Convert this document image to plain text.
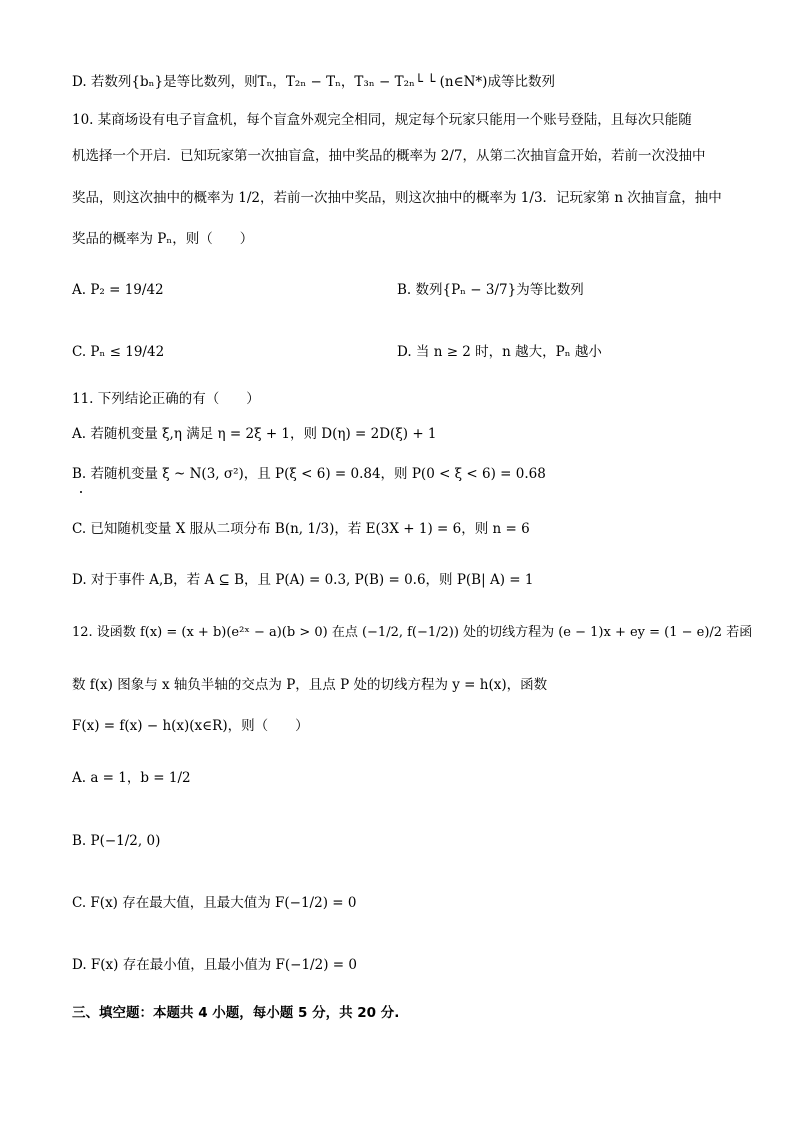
D. 若数列{bₙ}是等比数列，则Tₙ，T₂ₙ − Tₙ，T₃ₙ − T₂ₙ└ └ (n∈N*)成等比数列
10. 某商场设有电子盲盒机，每个盲盒外观完全相同，规定每个玩家只能用一个账号登陆，且每次只能随
机选择一个开启．已知玩家第一次抽盲盒，抽中奖品的概率为 2/7，从第二次抽盲盒开始，若前一次没抽中
奖品，则这次抽中的概率为 1/2，若前一次抽中奖品，则这次抽中的概率为 1/3．记玩家第 n 次抽盲盒，抽中
奖品的概率为 Pₙ，则（　　）
A. P₂ = 19/42	B. 数列{Pₙ − 3/7}为等比数列
C. Pₙ ≤ 19/42	D. 当 n ≥ 2 时，n 越大，Pₙ 越小
11. 下列结论正确的有（　　）
A. 若随机变量 ξ,η 满足 η = 2ξ + 1，则 D(η) = 2D(ξ) + 1
B. 若随机变量 ξ ~ N(3, σ²)，且 P(ξ < 6) = 0.84，则 P(0 < ξ < 6) = 0.68
C. 已知随机变量 X 服从二项分布 B(n, 1/3)，若 E(3X + 1) = 6，则 n = 6
D. 对于事件 A,B，若 A ⊆ B，且 P(A) = 0.3, P(B) = 0.6，则 P(B| A) = 1
12. 设函数 f(x) = (x + b)(e²ˣ − a)(b > 0) 在点 (−1/2, f(−1/2)) 处的切线方程为 (e − 1)x + ey = (1 − e)/2 若函
数 f(x) 图象与 x 轴负半轴的交点为 P，且点 P 处的切线方程为 y = h(x)，函数
F(x) = f(x) − h(x)(x∈R)，则（　　）
A. a = 1，b = 1/2
B. P(−1/2, 0)
C. F(x) 存在最大值，且最大值为 F(−1/2) = 0
D. F(x) 存在最小值，且最小值为 F(−1/2) = 0
三、填空题：本题共 4 小题，每小题 5 分，共 20 分.
